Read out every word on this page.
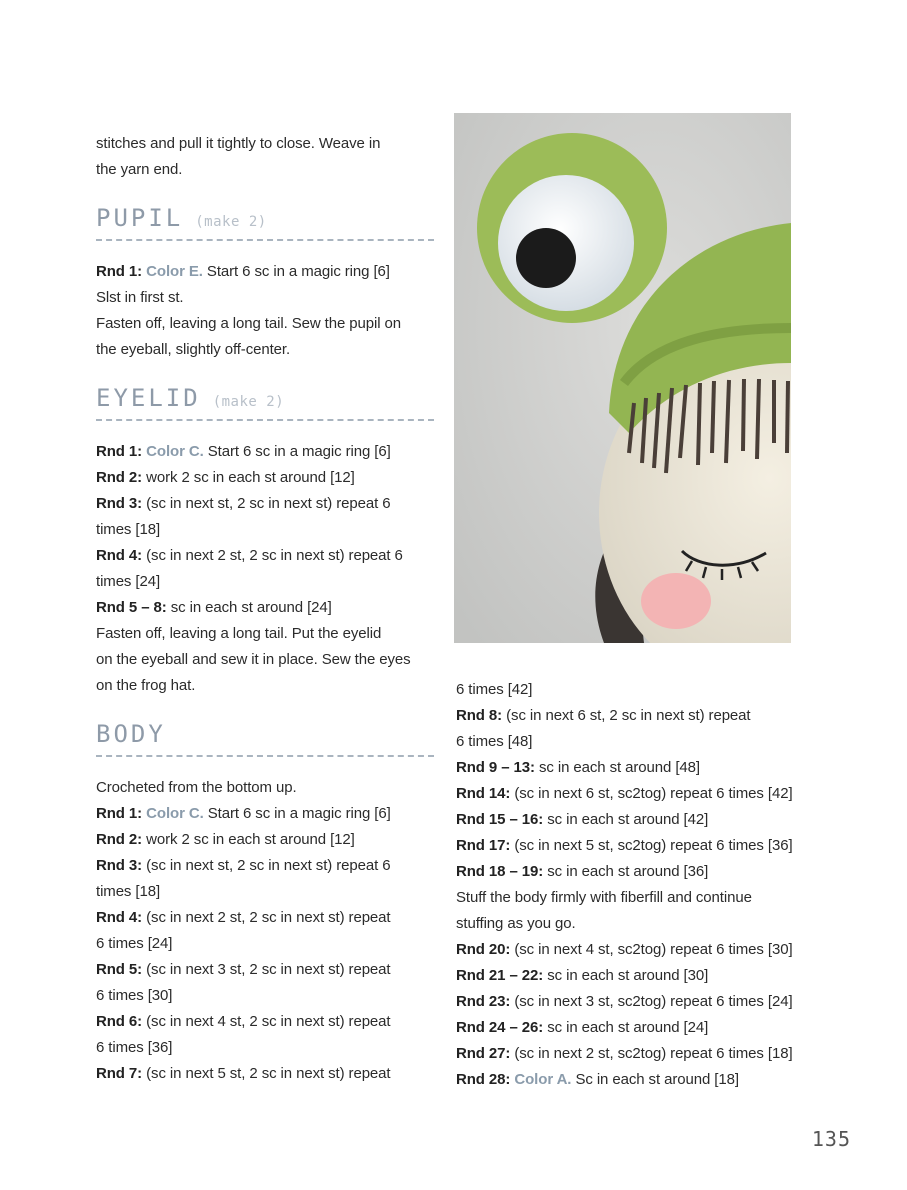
stitches and pull it tightly to close. Weave in
the yarn end.
PUPIL (make 2)
Rnd 1: Color E. Start 6 sc in a magic ring [6]
Slst in first st.
Fasten off, leaving a long tail. Sew the pupil on
the eyeball, slightly off-center.
EYELID (make 2)
Rnd 1: Color C. Start 6 sc in a magic ring [6]
Rnd 2: work 2 sc in each st around [12]
Rnd 3: (sc in next st, 2 sc in next st) repeat 6
times [18]
Rnd 4: (sc in next 2 st, 2 sc in next st) repeat 6
times [24]
Rnd 5 – 8: sc in each st around [24]
Fasten off, leaving a long tail. Put the eyelid
on the eyeball and sew it in place. Sew the eyes
on the frog hat.
BODY
Crocheted from the bottom up.
Rnd 1: Color C. Start 6 sc in a magic ring [6]
Rnd 2: work 2 sc in each st around [12]
Rnd 3: (sc in next st, 2 sc in next st) repeat 6
times [18]
Rnd 4: (sc in next 2 st, 2 sc in next st) repeat
6 times [24]
Rnd 5: (sc in next 3 st, 2 sc in next st) repeat
6 times [30]
Rnd 6: (sc in next 4 st, 2 sc in next st) repeat
6 times [36]
Rnd 7: (sc in next 5 st, 2 sc in next st) repeat
6 times [42]
Rnd 8: (sc in next 6 st, 2 sc in next st) repeat
6 times [48]
Rnd 9 – 13: sc in each st around [48]
Rnd 14: (sc in next 6 st, sc2tog) repeat 6 times [42]
Rnd 15 – 16: sc in each st around [42]
Rnd 17: (sc in next 5 st, sc2tog) repeat 6 times [36]
Rnd 18 – 19: sc in each st around [36]
Stuff the body firmly with fiberfill and continue
stuffing as you go.
Rnd 20: (sc in next 4 st, sc2tog) repeat 6 times [30]
Rnd 21 – 22: sc in each st around [30]
Rnd 23: (sc in next 3 st, sc2tog) repeat 6 times [24]
Rnd 24 – 26: sc in each st around [24]
Rnd 27: (sc in next 2 st, sc2tog) repeat 6 times [18]
Rnd 28: Color A. Sc in each st around [18]
135
